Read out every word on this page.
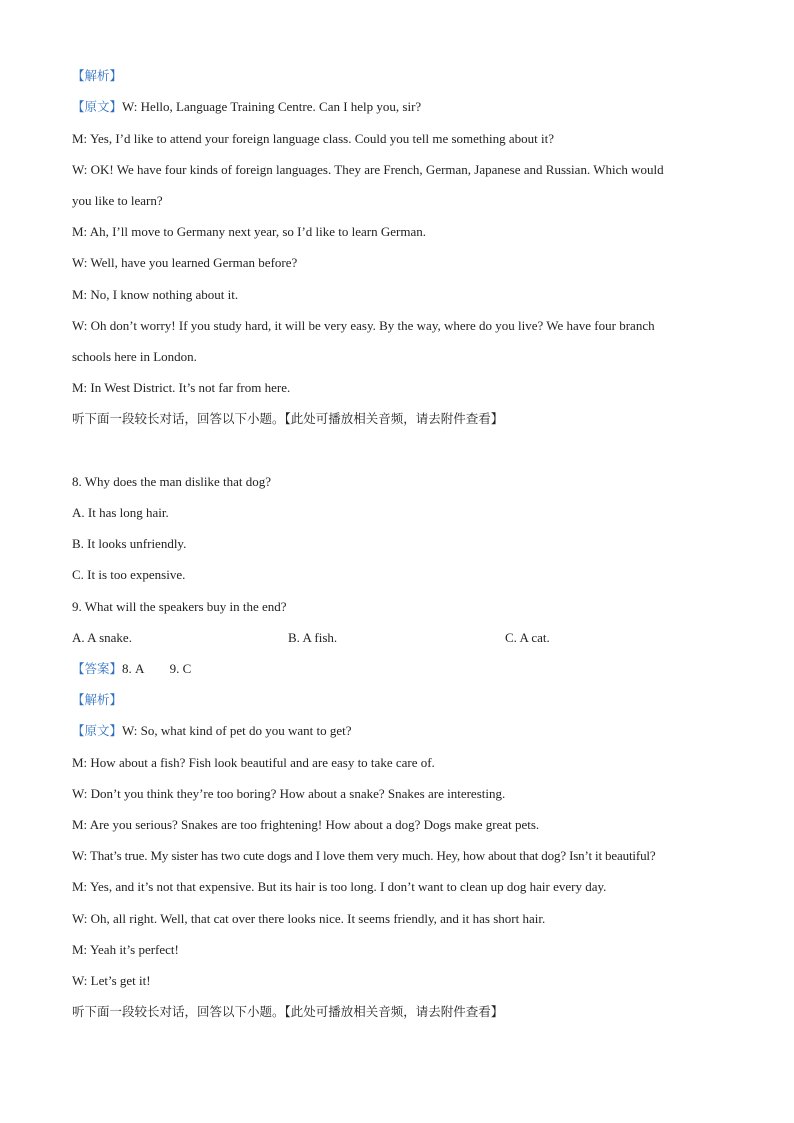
【解析】
【原文】W: Hello, Language Training Centre. Can I help you, sir?
M: Yes, I’d like to attend your foreign language class. Could you tell me something about it?
W: OK! We have four kinds of foreign languages. They are French, German, Japanese and Russian. Which would
you like to learn?
M: Ah, I’ll move to Germany next year, so I’d like to learn German.
W: Well, have you learned German before?
M: No, I know nothing about it.
W: Oh don’t worry! If you study hard, it will be very easy. By the way, where do you live? We have four branch
schools here in London.
M: In West District. It’s not far from here.
听下面一段较长对话，回答以下小题。【此处可播放相关音频，请去附件查看】
8. Why does the man dislike that dog?
A. It has long hair.
B. It looks unfriendly.
C. It is too expensive.
9. What will the speakers buy in the end?
A. A snake.	B. A fish.	C. A cat.
【答案】8. A        9. C
【解析】
【原文】W: So, what kind of pet do you want to get?
M: How about a fish? Fish look beautiful and are easy to take care of.
W: Don’t you think they’re too boring? How about a snake? Snakes are interesting.
M: Are you serious? Snakes are too frightening! How about a dog? Dogs make great pets.
W: That’s true. My sister has two cute dogs and I love them very much. Hey, how about that dog? Isn’t it beautiful?
M: Yes, and it’s not that expensive. But its hair is too long. I don’t want to clean up dog hair every day.
W: Oh, all right. Well, that cat over there looks nice. It seems friendly, and it has short hair.
M: Yeah it’s perfect!
W: Let’s get it!
听下面一段较长对话，回答以下小题。【此处可播放相关音频，请去附件查看】
